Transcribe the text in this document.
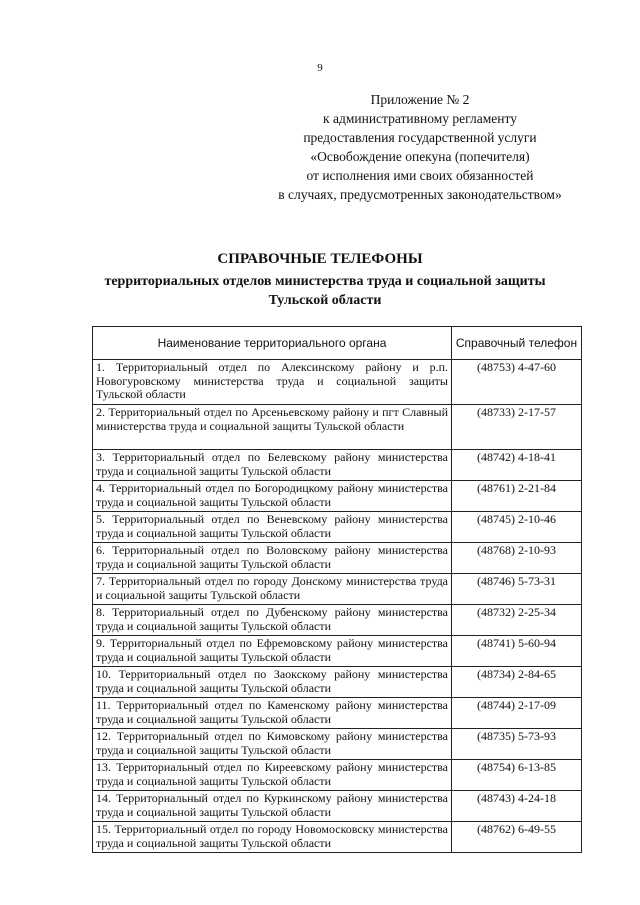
9
Приложение № 2
к административному регламенту
предоставления государственной услуги
«Освобождение опекуна (попечителя)
от исполнения ими своих обязанностей
в случаях, предусмотренных законодательством»
СПРАВОЧНЫЕ ТЕЛЕФОНЫ
территориальных отделов министерства труда и социальной защиты
Тульской области
Наименование территориального органа	Справочный телефон
1. Территориальный отдел по Алексинскому району и р.п. Новогуровскому министерства труда и социальной защиты Тульской области	(48753) 4-47-60
2. Территориальный отдел по Арсеньевскому району и пгт Славный министерства труда и социальной защиты Тульской области	(48733) 2-17-57
3. Территориальный отдел по Белевскому району министерства труда и социальной защиты Тульской области	(48742) 4-18-41
4. Территориальный отдел по Богородицкому району министерства труда и социальной защиты Тульской области	(48761) 2-21-84
5. Территориальный отдел по Веневскому району министерства труда и социальной защиты Тульской области	(48745) 2-10-46
6. Территориальный отдел по Воловскому району министерства труда и социальной защиты Тульской области	(48768) 2-10-93
7. Территориальный отдел по городу Донскому министерства труда и социальной защиты Тульской области	(48746) 5-73-31
8. Территориальный отдел по Дубенскому району министерства труда и социальной защиты Тульской области	(48732) 2-25-34
9. Территориальный отдел по Ефремовскому району министерства труда и социальной защиты Тульской области	(48741) 5-60-94
10. Территориальный отдел по Заокскому району министерства труда и социальной защиты Тульской области	(48734) 2-84-65
11. Территориальный отдел по Каменскому району министерства труда и социальной защиты Тульской области	(48744) 2-17-09
12. Территориальный отдел по Кимовскому району министерства труда и социальной защиты Тульской области	(48735) 5-73-93
13. Территориальный отдел по Киреевскому району министерства труда и социальной защиты Тульской области	(48754) 6-13-85
14. Территориальный отдел по Куркинскому району министерства труда и социальной защиты Тульской области	(48743) 4-24-18
15. Территориальный отдел по городу Новомосковску министерства труда и социальной защиты Тульской области	(48762) 6-49-55
